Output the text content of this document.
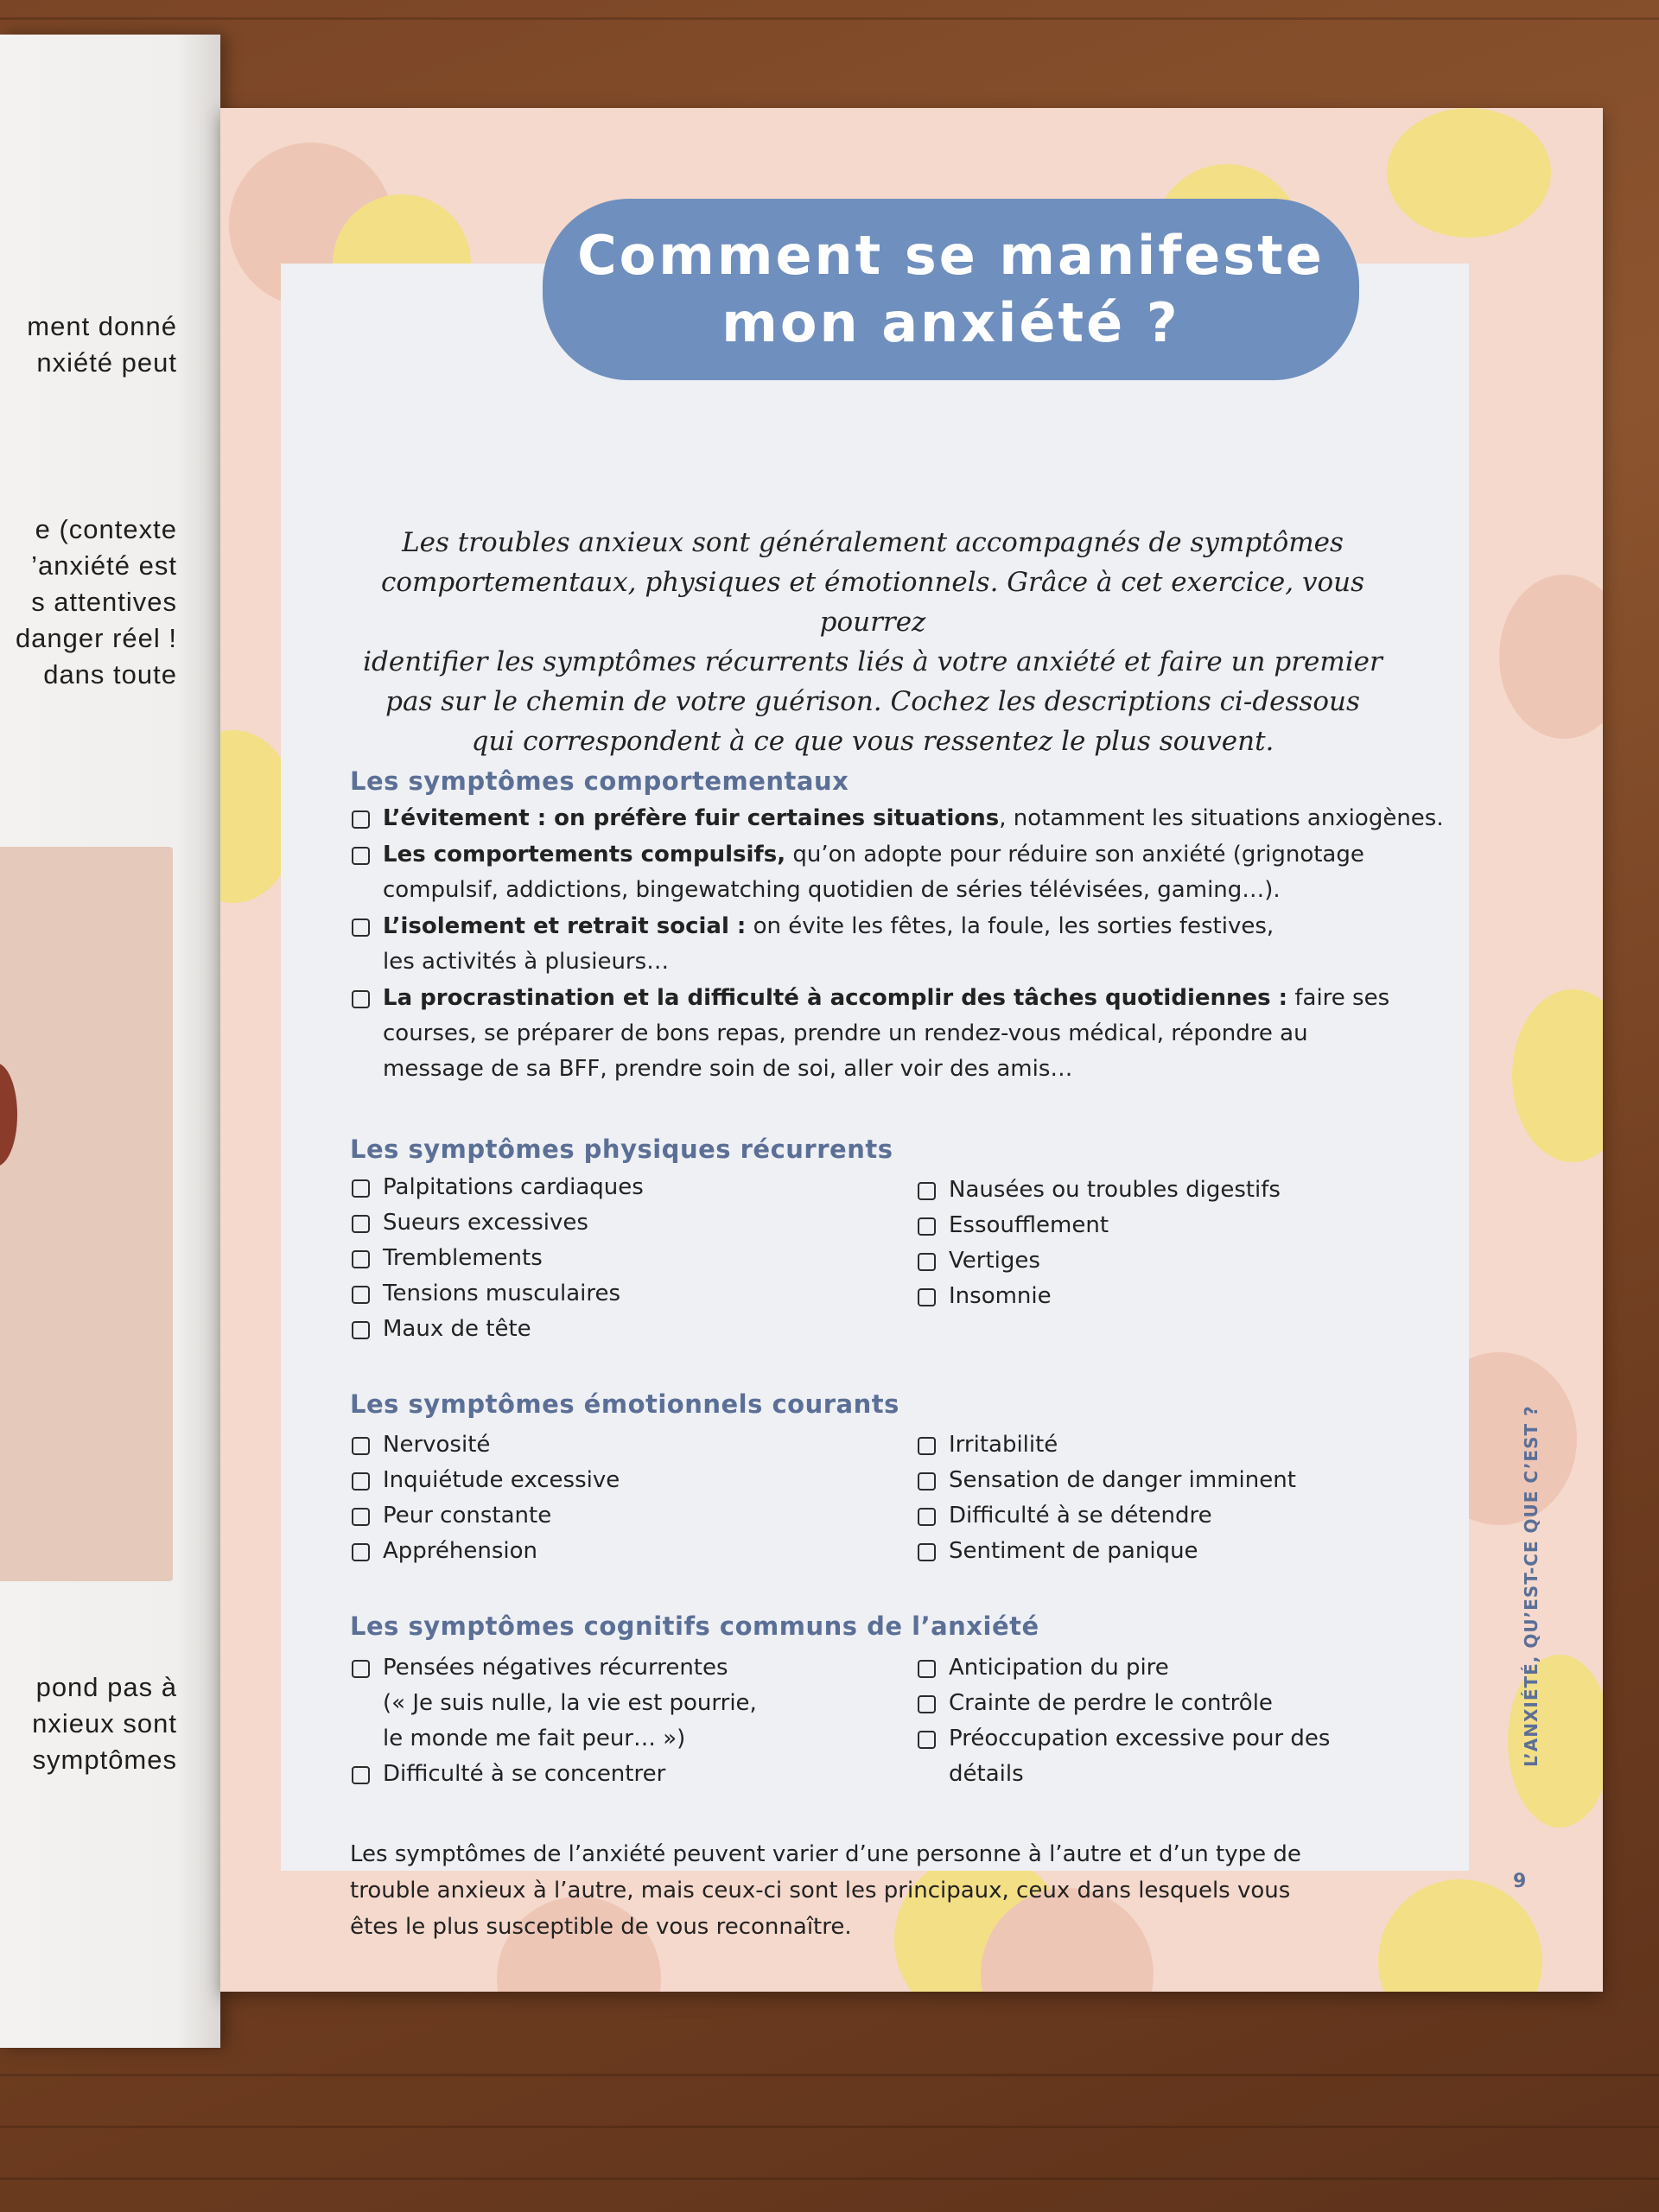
ment donné
nxiété peut
e (contexte
’anxiété est
s attentives
danger réel !
dans toute
pond pas à
nxieux sont
symptômes
Comment se manifeste
mon anxiété ?
Les troubles anxieux sont généralement accompagnés de symptômes
comportementaux, physiques et émotionnels. Grâce à cet exercice, vous pourrez
identifier les symptômes récurrents liés à votre anxiété et faire un premier
pas sur le chemin de votre guérison. Cochez les descriptions ci-dessous
qui correspondent à ce que vous ressentez le plus souvent.
Les symptômes comportementaux
L’évitement : on préfère fuir certaines situations, notamment les situations anxiogènes.
Les comportements compulsifs, qu’on adopte pour réduire son anxiété (grignotage
compulsif, addictions, bingewatching quotidien de séries télévisées, gaming…).
L’isolement et retrait social : on évite les fêtes, la foule, les sorties festives,
les activités à plusieurs…
La procrastination et la difficulté à accomplir des tâches quotidiennes : faire ses
courses, se préparer de bons repas, prendre un rendez-vous médical, répondre au
message de sa BFF, prendre soin de soi, aller voir des amis…
Les symptômes physiques récurrents
Palpitations cardiaques
Sueurs excessives
Tremblements
Tensions musculaires
Maux de tête
Nausées ou troubles digestifs
Essoufflement
Vertiges
Insomnie
Les symptômes émotionnels courants
Nervosité
Inquiétude excessive
Peur constante
Appréhension
Irritabilité
Sensation de danger imminent
Difficulté à se détendre
Sentiment de panique
Les symptômes cognitifs communs de l’anxiété
Pensées négatives récurrentes
(« Je suis nulle, la vie est pourrie,
le monde me fait peur… »)
Difficulté à se concentrer
Anticipation du pire
Crainte de perdre le contrôle
Préoccupation excessive pour des
détails
Les symptômes de l’anxiété peuvent varier d’une personne à l’autre et d’un type de
trouble anxieux à l’autre, mais ceux-ci sont les principaux, ceux dans lesquels vous
êtes le plus susceptible de vous reconnaître.
L’ANXIÉTÉ, QU’EST-CE QUE C’EST ?
9
